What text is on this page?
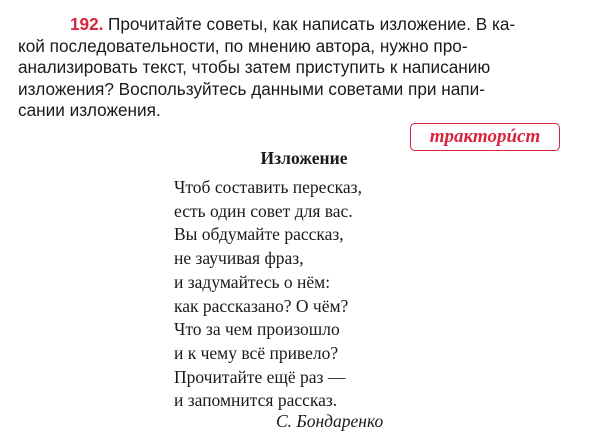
192. Прочитайте советы, как написать изложение. В ка-
кой последовательности, по мнению автора, нужно про-
анализировать текст, чтобы затем приступить к написанию
изложения? Воспользуйтесь данными советами при напи-
сании изложения.
тракторúст
Изложение
Чтоб составить пересказ,
есть один совет для вас.
Вы обдумайте рассказ,
не заучивая фраз,
и задумайтесь о нём:
как рассказано? О чём?
Что за чем произошло
и к чему всё привело?
Прочитайте ещё раз —
и запомнится рассказ.
С. Бондаренко
